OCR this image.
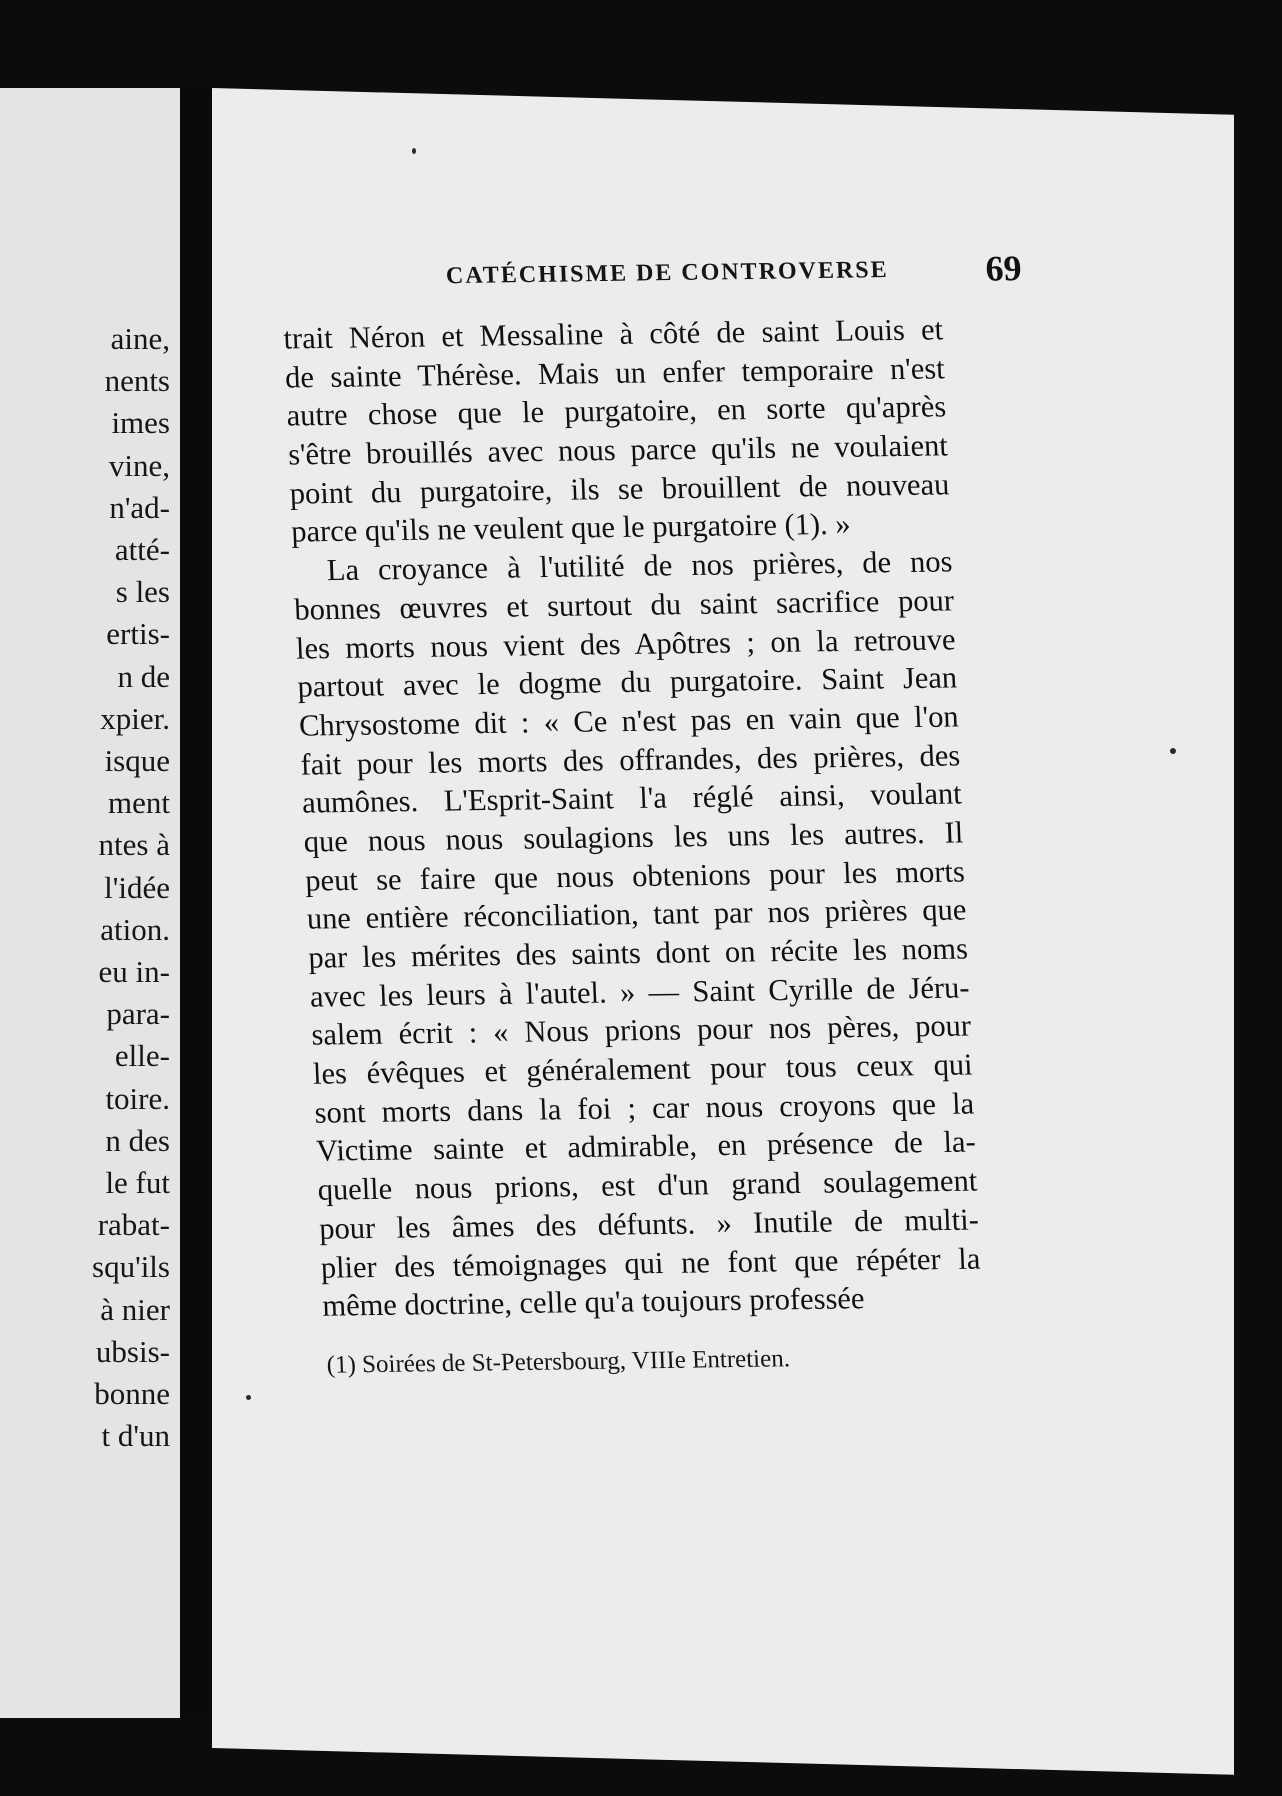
aine,
nents
imes
vine,
n'ad-
atté-
s les
ertis-
n de
xpier.
isque
ment
ntes à
l'idée
ation.
eu in-
para-
elle-
toire.
n des
le fut
rabat-
squ'ils
à nier
ubsis-
bonne
t d'un
CATÉCHISME DE CONTROVERSE	69
trait Néron et Messaline à côté de saint Louis et
de sainte Thérèse. Mais un enfer temporaire n'est
autre chose que le purgatoire, en sorte qu'après
s'être brouillés avec nous parce qu'ils ne voulaient
point du purgatoire, ils se brouillent de nouveau
parce qu'ils ne veulent que le purgatoire (1). »
La croyance à l'utilité de nos prières, de nos
bonnes œuvres et surtout du saint sacrifice pour
les morts nous vient des Apôtres ; on la retrouve
partout avec le dogme du purgatoire. Saint Jean
Chrysostome dit : « Ce n'est pas en vain que l'on
fait pour les morts des offrandes, des prières, des
aumônes. L'Esprit-Saint l'a réglé ainsi, voulant
que nous nous soulagions les uns les autres. Il
peut se faire que nous obtenions pour les morts
une entière réconciliation, tant par nos prières que
par les mérites des saints dont on récite les noms
avec les leurs à l'autel. » — Saint Cyrille de Jéru-
salem écrit : « Nous prions pour nos pères, pour
les évêques et généralement pour tous ceux qui
sont morts dans la foi ; car nous croyons que la
Victime sainte et admirable, en présence de la-
quelle nous prions, est d'un grand soulagement
pour les âmes des défunts. » Inutile de multi-
plier des témoignages qui ne font que répéter la
même doctrine, celle qu'a toujours professée
(1) Soirées de St-Petersbourg, VIIIe Entretien.
